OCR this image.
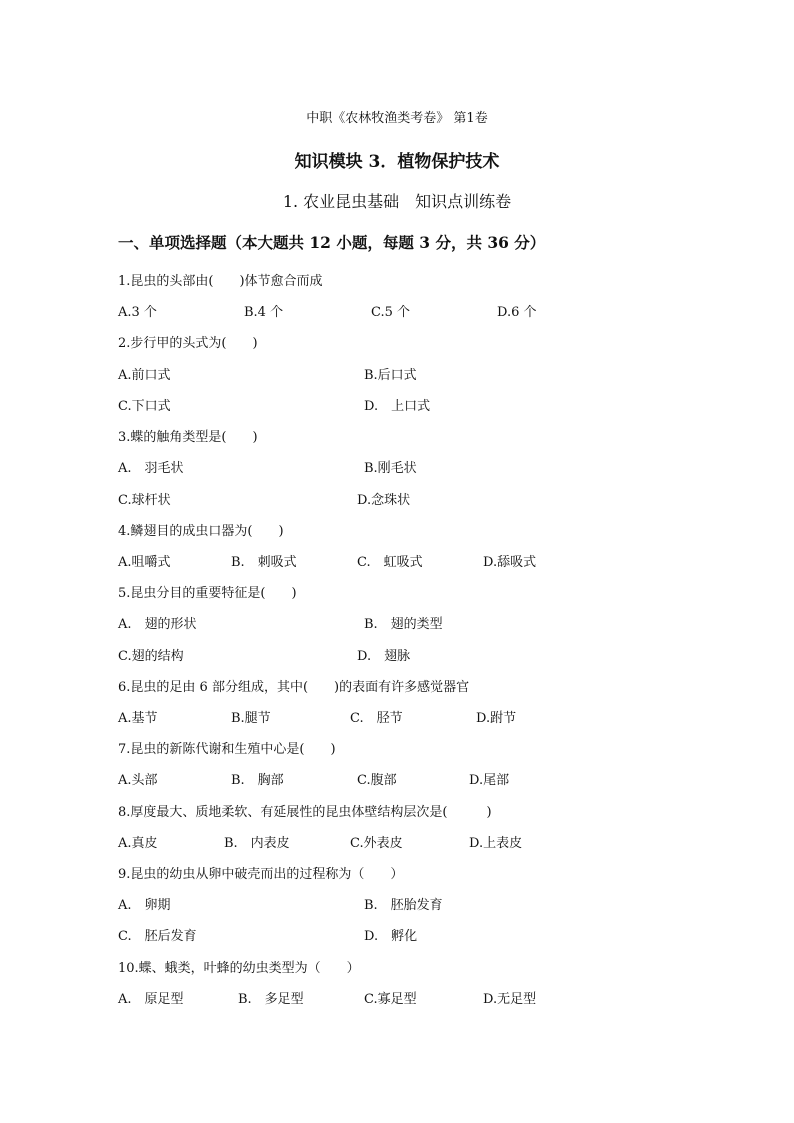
中职《农林牧渔类考卷》 第1卷
知识模块 3．植物保护技术
1. 农业昆虫基础　知识点训练卷
一、单项选择题（本大题共 12 小题，每题 3 分，共 36 分）
1.昆虫的头部由(　　)体节愈合而成
A.3 个	B.4 个	C.5 个	D.6 个
2.步行甲的头式为(　　)
A.前口式	B.后口式
C.下口式	D.　上口式
3.蝶的触角类型是(　　)
A.　羽毛状	B.刚毛状
C.球杆状	D.念珠状
4.鳞翅目的成虫口器为(　　)
A.咀嚼式	B.　刺吸式	C.　虹吸式	D.舔吸式
5.昆虫分目的重要特征是(　　)
A.　翅的形状	B.　翅的类型
C.翅的结构	D.　翅脉
6.昆虫的足由 6 部分组成，其中(　　)的表面有许多感觉器官
A.基节	B.腿节	C.　胫节	D.跗节
7.昆虫的新陈代谢和生殖中心是(　　)
A.头部	B.　胸部	C.腹部	D.尾部
8.厚度最大、质地柔软、有延展性的昆虫体壁结构层次是(　　　)
A.真皮	B.　内表皮	C.外表皮	D.上表皮
9.昆虫的幼虫从卵中破壳而出的过程称为（　　）
A.　卵期	B.　胚胎发育
C.　胚后发育	D.　孵化
10.蝶、蛾类，叶蜂的幼虫类型为（　　）
A.　原足型	B.　多足型	C.寡足型	D.无足型
